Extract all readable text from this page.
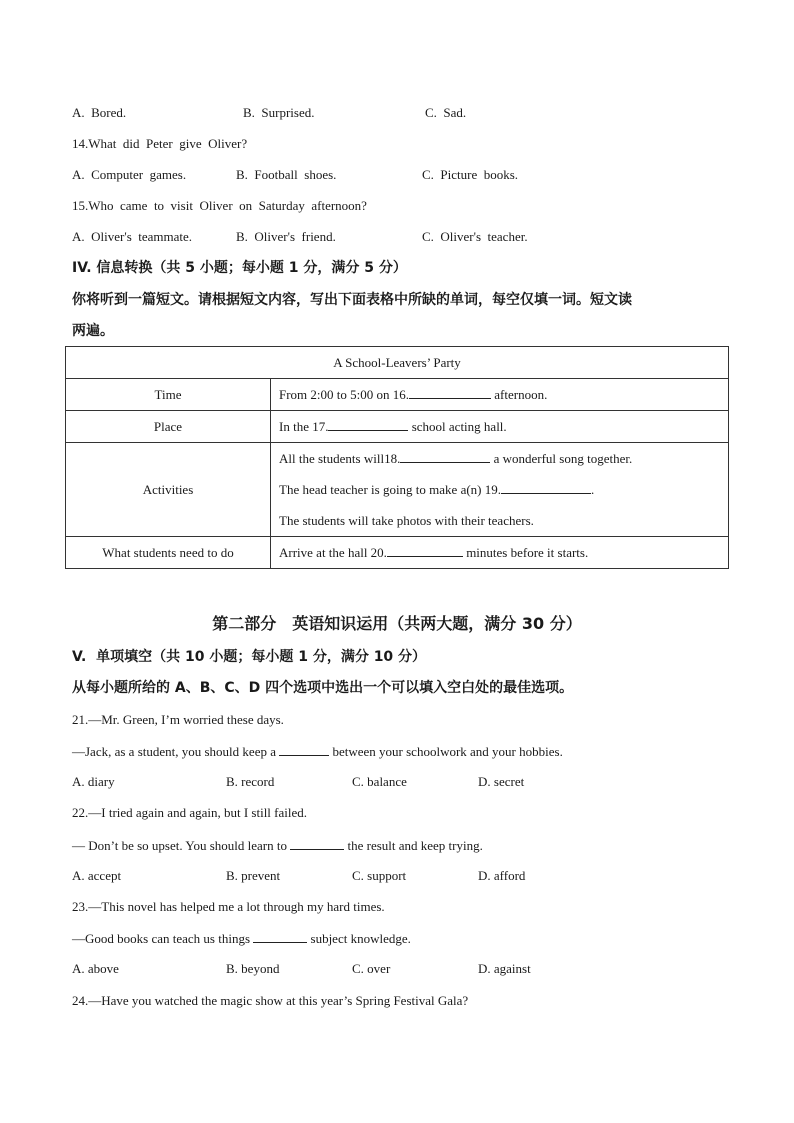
A.  Bored.	B.  Surprised.	C.  Sad.
14.What  did  Peter  give  Oliver?
A.  Computer  games.	B.  Football  shoes.	C.  Picture  books.
15.Who  came  to  visit  Oliver  on  Saturday  afternoon?
A.  Oliver's  teammate.	B.  Oliver's  friend.	C.  Oliver's  teacher.
IV. 信息转换（共 5 小题；每小题 1 分，满分 5 分）
你将听到一篇短文。请根据短文内容，写出下面表格中所缺的单词，每空仅填一词。短文读
两遍。
A School-Leavers’ Party	
Time	From 2:00 to 5:00 on 16. afternoon.
Place	In the 17. school acting hall.
Activities	All the students will18. a wonderful song together.
The head teacher is going to make a(n) 19. .
The students will take photos with their teachers.

What students need to do	Arrive at the hall 20. minutes before it starts.
第二部分　英语知识运用（共两大题，满分 30 分）
V.  单项填空（共 10 小题；每小题 1 分，满分 10 分）
从每小题所给的 A、B、C、D 四个选项中选出一个可以填入空白处的最佳选项。
21.—Mr. Green, I’m worried these days.
—Jack, as a student, you should keep a	between your schoolwork and your hobbies.
A. diary	B. record	C. balance	D. secret
22.—I tried again and again, but I still failed.
— Don’t be so upset. You should learn to	the result and keep trying.
A. accept	B. prevent	C. support	D. afford
23.—This novel has helped me a lot through my hard times.
—Good books can teach us things	subject knowledge.
A. above	B. beyond	C. over	D. against
24.—Have you watched the magic show at this year’s Spring Festival Gala?
